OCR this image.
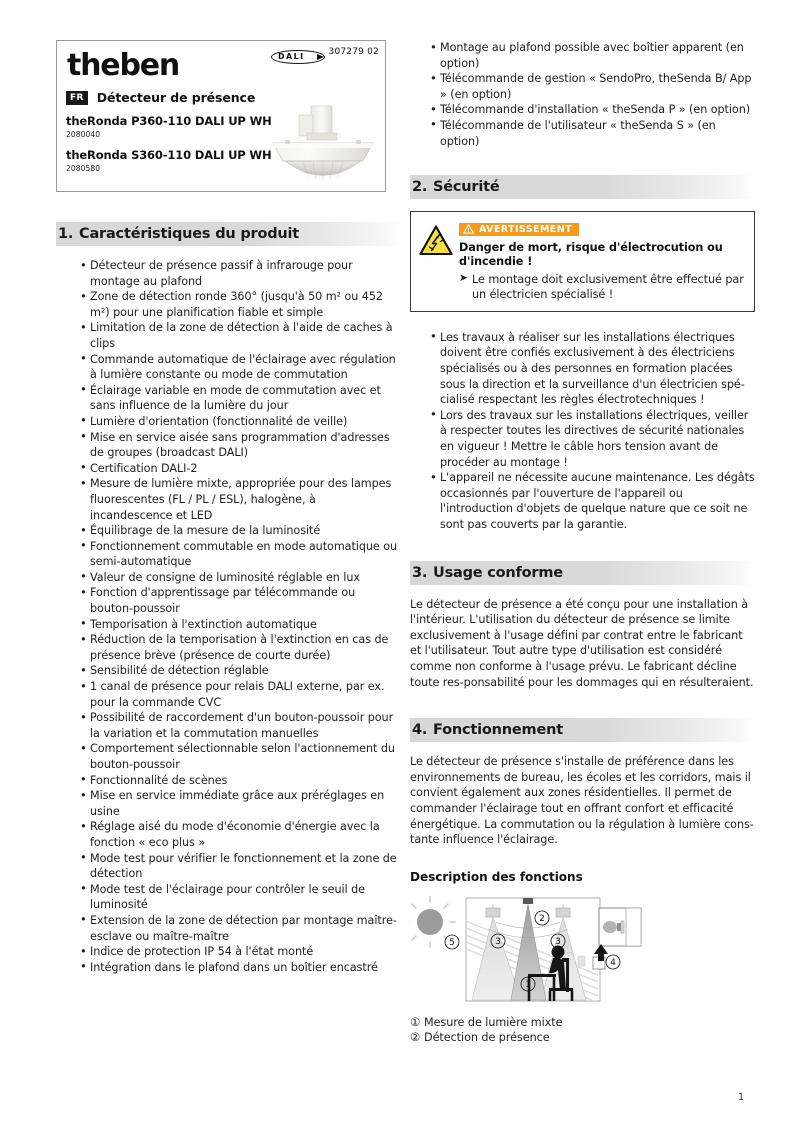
theben
FR	Détecteur de présence
theRonda P360-110 DALI UP WH
2080040
theRonda S360-110 DALI UP WH
2080580
DALI	307279 02
1. Caractéristiques du produit
• Détecteur de présence passif à infrarouge pour montage au plafond
• Zone de détection ronde 360° (jusqu'à 50 m² ou 452 m²) pour une planification fiable et simple
• Limitation de la zone de détection à l'aide de caches à clips
• Commande automatique de l'éclairage avec régulation à lumière constante ou mode de commutation
• Éclairage variable en mode de commutation avec et sans influence de la lumière du jour
• Lumière d'orientation (fonctionnalité de veille)
• Mise en service aisée sans programmation d'adresses de groupes (broadcast DALI)
• Certification DALI-2
• Mesure de lumière mixte, appropriée pour des lampes fluorescentes (FL / PL / ESL), halogène, à incandescence et LED
• Équilibrage de la mesure de la luminosité
• Fonctionnement commutable en mode automatique ou semi-automatique
• Valeur de consigne de luminosité réglable en lux
• Fonction d'apprentissage par télécommande ou bouton-poussoir
• Temporisation à l'extinction automatique
• Réduction de la temporisation à l'extinction en cas de présence brève (présence de courte durée)
• Sensibilité de détection réglable
• 1 canal de présence pour relais DALI externe, par ex. pour la commande CVC
• Possibilité de raccordement d'un bouton-poussoir pour la variation et la commutation manuelles
• Comportement sélectionnable selon l'actionnement du bouton-poussoir
• Fonctionnalité de scènes
• Mise en service immédiate grâce aux préréglages en usine
• Réglage aisé du mode d'économie d'énergie avec la fonction « eco plus »
• Mode test pour vérifier le fonctionnement et la zone de détection
• Mode test de l'éclairage pour contrôler le seuil de luminosité
• Extension de la zone de détection par montage maître-esclave ou maître-maître
• Indice de protection IP 54 à l'état monté
• Intégration dans le plafond dans un boîtier encastré
• Montage au plafond possible avec boîtier apparent (en option)
• Télécommande de gestion « SendoPro, theSenda B/ App » (en option)
• Télécommande d'installation « theSenda P » (en option)
• Télécommande de l'utilisateur « theSenda S » (en option)
2. Sécurité
AVERTISSEMENT
Danger de mort, risque d'électrocution ou d'incendie !
➤ Le montage doit exclusivement être effectué par un électricien spécialisé !
• Les travaux à réaliser sur les installations électriques doivent être confiés exclusivement à des électriciens spécialisés ou à des personnes en formation placées sous la direction et la surveillance d'un électricien spé-cialisé respectant les règles électrotechniques !
• Lors des travaux sur les installations électriques, veiller à respecter toutes les directives de sécurité nationales en vigueur ! Mettre le câble hors tension avant de procéder au montage !
• L'appareil ne nécessite aucune maintenance. Les dégâts occasionnés par l'ouverture de l'appareil ou l'introduction d'objets de quelque nature que ce soit ne sont pas couverts par la garantie.
3. Usage conforme

Le détecteur de présence a été conçu pour une installation à l'intérieur. L'utilisation du détecteur de présence se limite exclusivement à l'usage défini par contrat entre le fabricant et l'utilisateur. Tout autre type d'utilisation est considéré comme non conforme à l'usage prévu. Le fabricant décline toute res-ponsabilité pour les dommages qui en résulteraient.

4. Fonctionnement

Le détecteur de présence s'installe de préférence dans les environnements de bureau, les écoles et les corridors, mais il convient également aux zones résidentielles. Il permet de commander l'éclairage tout en offrant confort et efficacité énergétique. La commutation ou la régulation à lumière cons-tante influence l'éclairage.

Description des fonctions
1
2
3	3
4
5
① Mesure de lumière mixte
② Détection de présence
1
